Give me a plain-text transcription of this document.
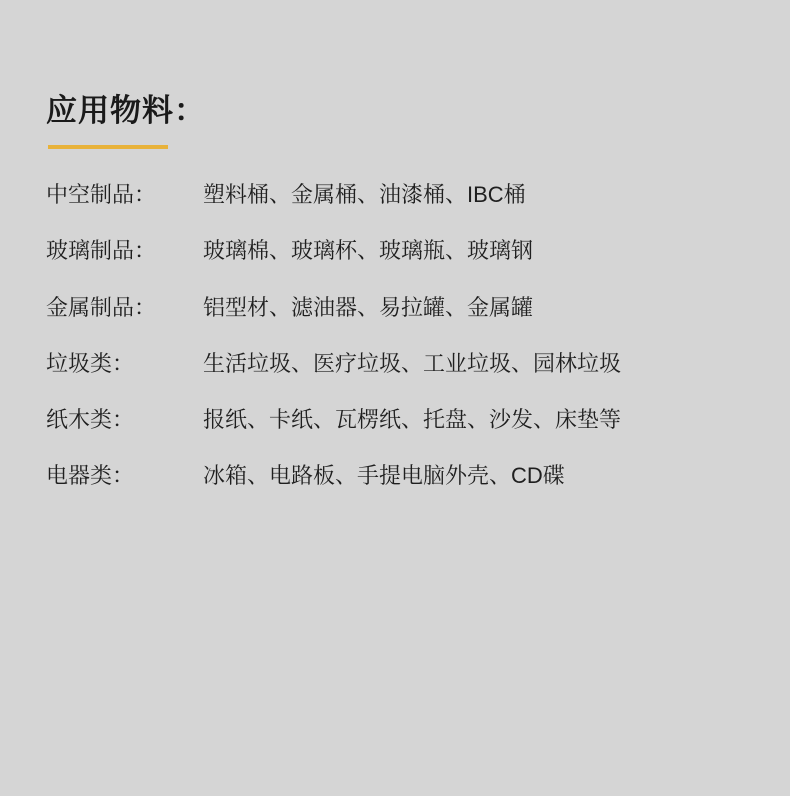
应用物料：
中空制品：	塑料桶、金属桶、油漆桶、IBC桶
玻璃制品：	玻璃棉、玻璃杯、玻璃瓶、玻璃钢
金属制品：	铝型材、滤油器、易拉罐、金属罐
垃圾类：	生活垃圾、医疗垃圾、工业垃圾、园林垃圾
纸木类：	报纸、卡纸、瓦楞纸、托盘、沙发、床垫等
电器类：	冰箱、电路板、手提电脑外壳、CD碟
